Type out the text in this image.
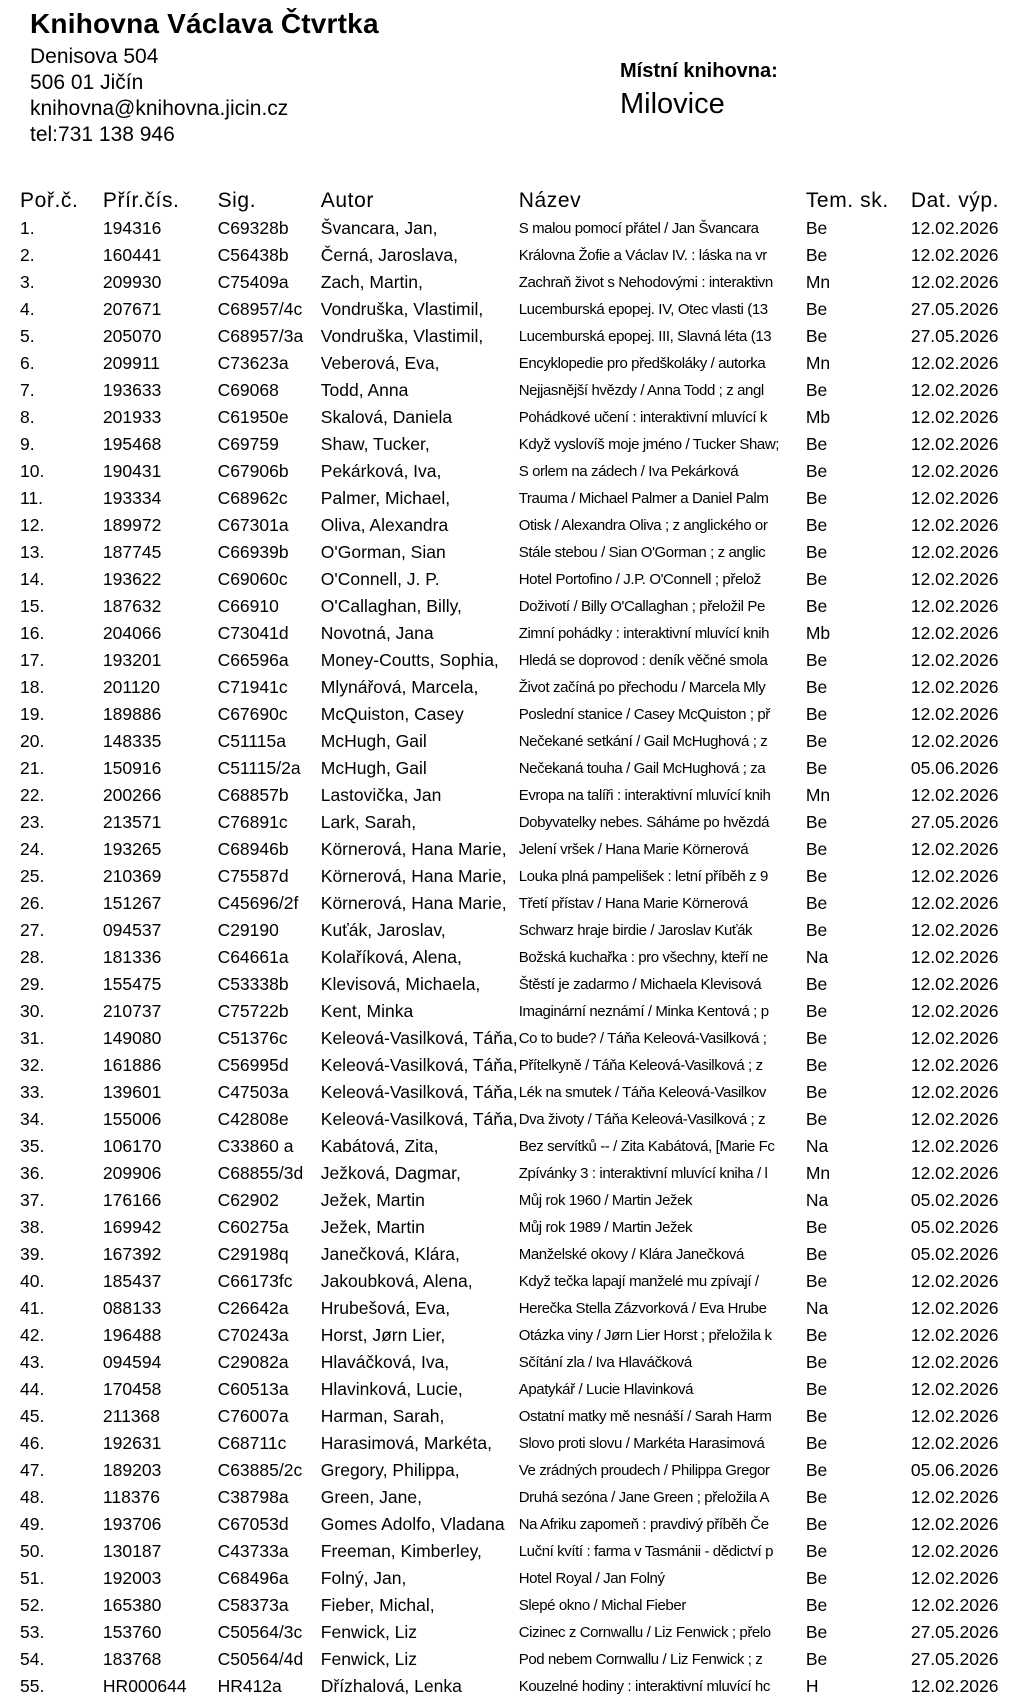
Knihovna Václava Čtvrtka
Denisova 504
506 01 Jičín
knihovna@knihovna.jicin.cz
tel:731 138 946
Místní knihovna:
Milovice
Poř.č.	Přír.čís.	Sig.	Autor	Název	Tem. sk.	Dat. výp.
1.	194316	C69328b	Švancara, Jan,	S malou pomocí přátel / Jan Švancara	Be	12.02.2026
2.	160441	C56438b	Černá, Jaroslava,	Královna Žofie a Václav IV. : láska na vr	Be	12.02.2026
3.	209930	C75409a	Zach, Martin,	Zachraň život s Nehodovými : interaktivn	Mn	12.02.2026
4.	207671	C68957/4c	Vondruška, Vlastimil,	Lucemburská epopej. IV, Otec vlasti (13	Be	27.05.2026
5.	205070	C68957/3a	Vondruška, Vlastimil,	Lucemburská epopej. III, Slavná léta (13	Be	27.05.2026
6.	209911	C73623a	Veberová, Eva,	Encyklopedie pro předškoláky / autorka	Mn	12.02.2026
7.	193633	C69068	Todd, Anna	Nejjasnější hvězdy / Anna Todd ; z angl	Be	12.02.2026
8.	201933	C61950e	Skalová, Daniela	Pohádkové učení : interaktivní mluvící k	Mb	12.02.2026
9.	195468	C69759	Shaw, Tucker,	Když vyslovíš moje jméno / Tucker Shaw;	Be	12.02.2026
10.	190431	C67906b	Pekárková, Iva,	S orlem na zádech / Iva Pekárková	Be	12.02.2026
11.	193334	C68962c	Palmer, Michael,	Trauma / Michael Palmer a Daniel Palm	Be	12.02.2026
12.	189972	C67301a	Oliva, Alexandra	Otisk / Alexandra Oliva ; z anglického or	Be	12.02.2026
13.	187745	C66939b	O'Gorman, Sian	Stále stebou / Sian O'Gorman ; z anglic	Be	12.02.2026
14.	193622	C69060c	O'Connell, J. P.	Hotel Portofino / J.P. O'Connell ; přelož	Be	12.02.2026
15.	187632	C66910	O'Callaghan, Billy,	Doživotí / Billy O'Callaghan ; přeložil Pe	Be	12.02.2026
16.	204066	C73041d	Novotná, Jana	Zimní pohádky : interaktivní mluvící knih	Mb	12.02.2026
17.	193201	C66596a	Money-Coutts, Sophia,	Hledá se doprovod : deník věčné smola	Be	12.02.2026
18.	201120	C71941c	Mlynářová, Marcela,	Život začíná po přechodu / Marcela Mly	Be	12.02.2026
19.	189886	C67690c	McQuiston, Casey	Poslední stanice / Casey McQuiston ; př	Be	12.02.2026
20.	148335	C51115a	McHugh, Gail	Nečekané setkání / Gail McHughová ; z	Be	12.02.2026
21.	150916	C51115/2a	McHugh, Gail	Nečekaná touha / Gail McHughová ; za	Be	05.06.2026
22.	200266	C68857b	Lastovička, Jan	Evropa na talíři : interaktivní mluvící knih	Mn	12.02.2026
23.	213571	C76891c	Lark, Sarah,	Dobyvatelky nebes. Sáháme po hvězdá	Be	27.05.2026
24.	193265	C68946b	Körnerová, Hana Marie,	Jelení vršek / Hana Marie Körnerová	Be	12.02.2026
25.	210369	C75587d	Körnerová, Hana Marie,	Louka plná pampelišek : letní příběh z 9	Be	12.02.2026
26.	151267	C45696/2f	Körnerová, Hana Marie,	Třetí přístav / Hana Marie Körnerová	Be	12.02.2026
27.	094537	C29190	Kuťák, Jaroslav,	Schwarz hraje birdie / Jaroslav Kuťák	Be	12.02.2026
28.	181336	C64661a	Kolaříková, Alena,	Božská kuchařka : pro všechny, kteří ne	Na	12.02.2026
29.	155475	C53338b	Klevisová, Michaela,	Štěstí je zadarmo / Michaela Klevisová	Be	12.02.2026
30.	210737	C75722b	Kent, Minka	Imaginární neznámí / Minka Kentová ; p	Be	12.02.2026
31.	149080	C51376c	Keleová-Vasilková, Táňa,	Co to bude? / Táňa Keleová-Vasilková ;	Be	12.02.2026
32.	161886	C56995d	Keleová-Vasilková, Táňa,	Přítelkyně / Táňa Keleová-Vasilková ; z	Be	12.02.2026
33.	139601	C47503a	Keleová-Vasilková, Táňa,	Lék na smutek / Táňa Keleová-Vasilkov	Be	12.02.2026
34.	155006	C42808e	Keleová-Vasilková, Táňa,	Dva životy / Táňa Keleová-Vasilková ; z	Be	12.02.2026
35.	106170	C33860 a	Kabátová, Zita,	Bez servítků -- / Zita Kabátová, [Marie Fc	Na	12.02.2026
36.	209906	C68855/3d	Ježková, Dagmar,	Zpívánky 3 : interaktivní mluvící kniha / l	Mn	12.02.2026
37.	176166	C62902	Ježek, Martin	Můj rok 1960 / Martin Ježek	Na	05.02.2026
38.	169942	C60275a	Ježek, Martin	Můj rok 1989 / Martin Ježek	Be	05.02.2026
39.	167392	C29198q	Janečková, Klára,	Manželské okovy / Klára Janečková	Be	05.02.2026
40.	185437	C66173fc	Jakoubková, Alena,	Když tečka lapají manželé mu zpívají /	Be	12.02.2026
41.	088133	C26642a	Hrubešová, Eva,	Herečka Stella Zázvorková / Eva Hrube	Na	12.02.2026
42.	196488	C70243a	Horst, Jørn Lier,	Otázka viny / Jørn Lier Horst ; přeložila k	Be	12.02.2026
43.	094594	C29082a	Hlaváčková, Iva,	Sčítání zla / Iva Hlaváčková	Be	12.02.2026
44.	170458	C60513a	Hlavinková, Lucie,	Apatykář / Lucie Hlavinková	Be	12.02.2026
45.	211368	C76007a	Harman, Sarah,	Ostatní matky mě nesnáší / Sarah Harm	Be	12.02.2026
46.	192631	C68711c	Harasimová, Markéta,	Slovo proti slovu / Markéta Harasimová	Be	12.02.2026
47.	189203	C63885/2c	Gregory, Philippa,	Ve zrádných proudech / Philippa Gregor	Be	05.06.2026
48.	118376	C38798a	Green, Jane,	Druhá sezóna / Jane Green ; přeložila A	Be	12.02.2026
49.	193706	C67053d	Gomes Adolfo, Vladana	Na Afriku zapomeň : pravdivý příběh Če	Be	12.02.2026
50.	130187	C43733a	Freeman, Kimberley,	Luční kvítí : farma v Tasmánii - dědictví p	Be	12.02.2026
51.	192003	C68496a	Folný, Jan,	Hotel Royal / Jan Folný	Be	12.02.2026
52.	165380	C58373a	Fieber, Michal,	Slepé okno / Michal Fieber	Be	12.02.2026
53.	153760	C50564/3c	Fenwick, Liz	Cizinec z Cornwallu / Liz Fenwick ; přelo	Be	27.05.2026
54.	183768	C50564/4d	Fenwick, Liz	Pod nebem Cornwallu / Liz Fenwick ; z	Be	27.05.2026
55.	HR000644	HR412a	Dřízhalová, Lenka	Kouzelné hodiny : interaktivní mluvící hc	H	12.02.2026
